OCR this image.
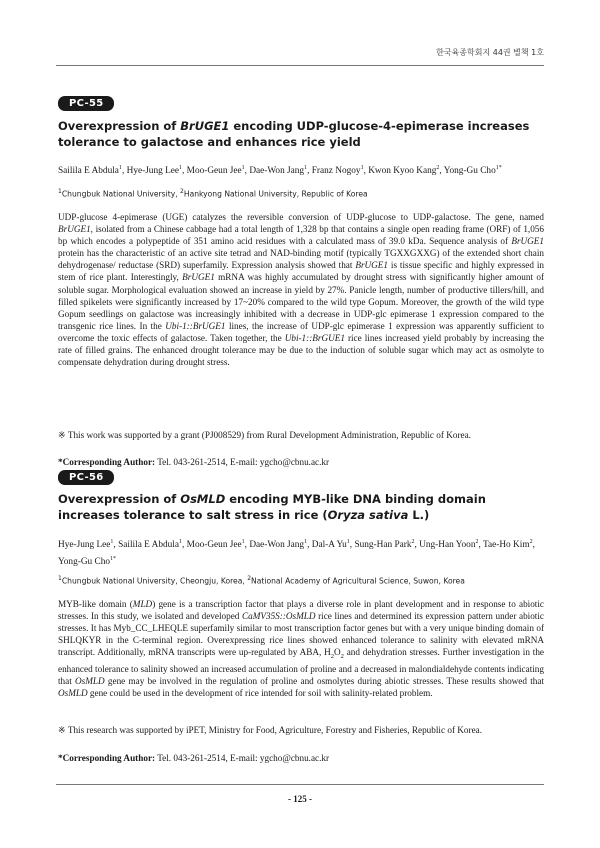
한국육종학회지 44권 별책 1호
PC-55

Overexpression of BrUGE1 encoding UDP-glucose-4-epimerase increases tolerance to galactose and enhances rice yield

Sailila E Abdula$^1$, Hye-Jung Lee$^1$, Moo-Geun Jee$^1$, Dae-Won Jang$^1$, Franz Nogoy$^1$, Kwon Kyoo Kang$^2$, Yong-Gu Cho$^{1*}$

$^1$Chungbuk National University, $^2$Hankyong National University, Republic of Korea

UDP-glucose 4-epimerase (UGE) catalyzes the reversible conversion of UDP-glucose to UDP-galactose. The gene, named BrUGE1, isolated from a Chinese cabbage had a total length of 1,328 bp that contains a single open reading frame (ORF) of 1,056 bp which encodes a polypeptide of 351 amino acid residues with a calculated mass of 39.0 kDa. Sequence analysis of BrUGE1 protein has the characteristic of an active site tetrad and NAD-binding motif (typically TGXXGXXG) of the extended short chain dehydrogenase/ reductase (SRD) superfamily. Expression analysis showed that BrUGE1 is tissue specific and highly expressed in stem of rice plant. Interestingly, BrUGE1 mRNA was highly accumulated by drought stress with significantly higher amount of soluble sugar. Morphological evaluation showed an increase in yield by 27%. Panicle length, number of productive tillers/hill, and filled spikelets were significantly increased by 17~20% compared to the wild type Gopum. Moreover, the growth of the wild type Gopum seedlings on galactose was increasingly inhibited with a decrease in UDP-glc epimerase 1 expression compared to the transgenic rice lines. In the Ubi-1::BrUGE1 lines, the increase of UDP-glc epimerase 1 expression was apparently sufficient to overcome the toxic effects of galactose. Taken together, the Ubi-1::BrGUE1 rice lines increased yield probably by increasing the rate of filled grains. The enhanced drought tolerance may be due to the induction of soluble sugar which may act as osmolyte to compensate dehydration during drought stress.

※ This work was supported by a grant (PJ008529) from Rural Development Administration, Republic of Korea.

*Corresponding Author: Tel. 043-261-2514, E-mail: ygcho@cbnu.ac.kr

PC-56

Overexpression of OsMLD encoding MYB-like DNA binding domain increases tolerance to salt stress in rice (Oryza sativa L.)

Hye-Jung Lee$^1$, Sailila E Abdula$^1$, Moo-Geun Jee$^1$, Dae-Won Jang$^1$, Dal-A Yu$^1$, Sung-Han Park$^2$, Ung-Han Yoon$^2$, Tae-Ho Kim$^2$, Yong-Gu Cho$^{1*}$

$^1$Chungbuk National University, Cheongju, Korea, $^2$National Academy of Agricultural Science, Suwon, Korea

MYB-like domain (MLD) gene is a transcription factor that plays a diverse role in plant development and in response to abiotic stresses. In this study, we isolated and developed CaMV35S::OsMLD rice lines and determined its expression pattern under abiotic stresses. It has Myb_CC_LHEQLE superfamily similar to most transcription factor genes but with a very unique binding domain of SHLQKYR in the C-terminal region. Overexpressing rice lines showed enhanced tolerance to salinity with elevated mRNA transcript. Additionally, mRNA transcripts were up-regulated by ABA, $H_2O_2$ and dehydration stresses. Further investigation in the enhanced tolerance to salinity showed an increased accumulation of proline and a decreased in malondialdehyde contents indicating that OsMLD gene may be involved in the regulation of proline and osmolytes during abiotic stresses. These results showed that OsMLD gene could be used in the development of rice intended for soil with salinity-related problem.

※ This research was supported by iPET, Ministry for Food, Agriculture, Forestry and Fisheries, Republic of Korea.

*Corresponding Author: Tel. 043-261-2514, E-mail: ygcho@cbnu.ac.kr

- 125 -
